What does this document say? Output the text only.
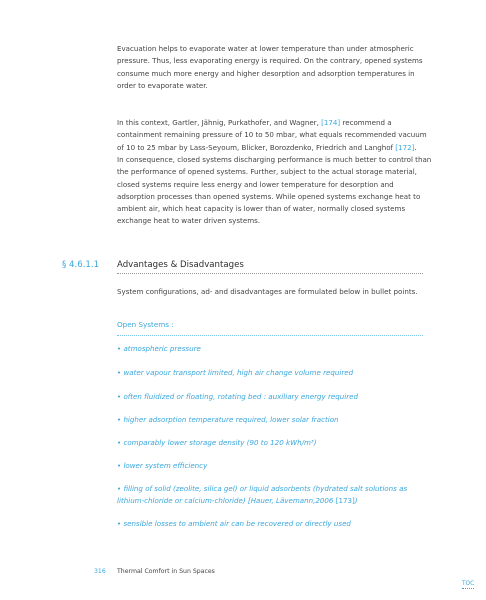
Evacuation helps to evaporate water at lower temperature than under atmospheric pressure. Thus, less evaporating energy is required. On the contrary, opened systems consume much more energy and higher desorption and adsorption temperatures in order to evaporate water.

In this context, Gartler, Jähnig, Purkathofer, and Wagner, [174] recommend a containment remaining pressure of 10 to 50 mbar, what equals recommended vacuum of 10 to 25 mbar by Lass-Seyoum, Blicker, Borozdenko, Friedrich and Langhof [172].

In consequence, closed systems discharging performance is much better to control than the performance of opened systems. Further, subject to the actual storage material, closed systems require less energy and lower temperature for desorption and adsorption processes than opened systems. While opened systems exchange heat to ambient air, which heat capacity is lower than of water, normally closed systems exchange heat to water driven systems.

§ 4.6.1.1 Advantages & Disadvantages

System configurations, ad- and disadvantages are formulated below in bullet points.

Open Systems :

• atmospheric pressure

• water vapour transport limited, high air change volume required

• often fluidized or floating, rotating bed : auxiliary energy required

• higher adsorption temperature required, lower solar fraction

• comparably lower storage density (90 to 120 kWh/m³)

• lower system efficiency

• filling of solid (zeolite, silica gel) or liquid adsorbents (hydrated salt solutions as lithium-chloride or calcium-chloride) [Hauer, Lävemann,2006 [173])

• sensible losses to ambient air can be recovered or directly used

316 Thermal Comfort in Sun Spaces
TOC
